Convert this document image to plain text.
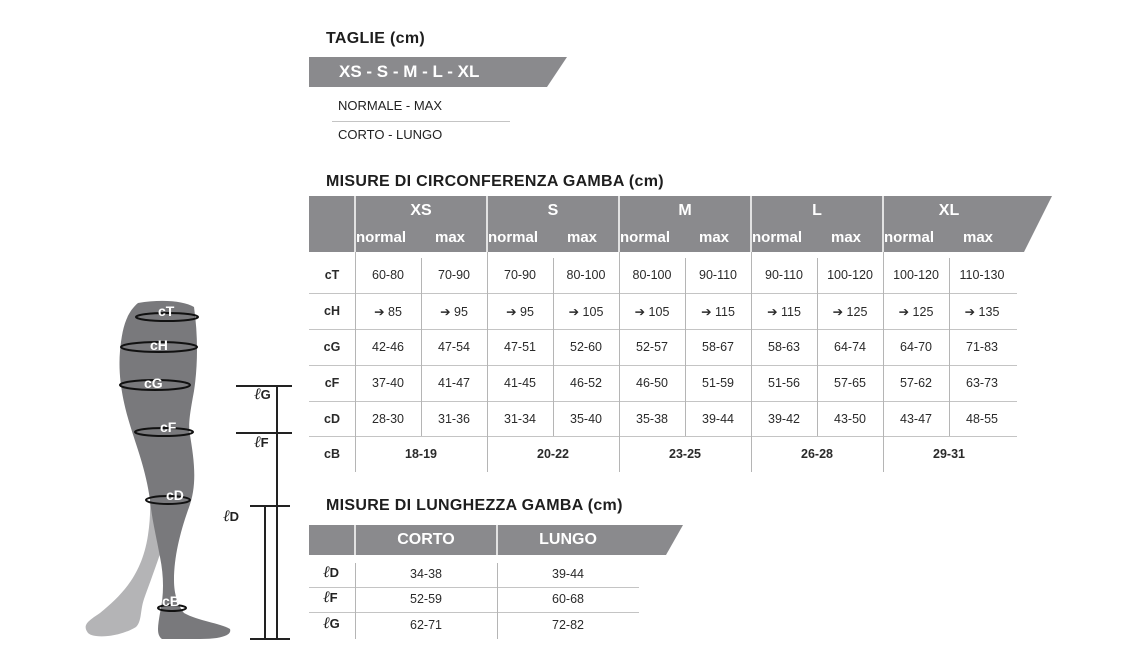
cT
cH
cG
cF
cD
cB
ℓG
ℓF
ℓD
TAGLIE (cm)
XS - S - M - L - XL
NORMALE - MAX
CORTO - LUNGO
MISURE DI CIRCONFERENZA GAMBA (cm)
XS	S	M	L	XL
normal max normal max normal max normal max normal max
cT	60-80	70-90	70-90	80-100	80-100	90-110	90-110	100-120	100-120	110-130
cH	➔ 85	➔ 95	➔ 95	➔ 105	➔ 105	➔ 115	➔ 115	➔ 125	➔ 125	➔ 135
cG	42-46	47-54	47-51	52-60	52-57	58-67	58-63	64-74	64-70	71-83
cF	37-40	41-47	41-45	46-52	46-50	51-59	51-56	57-65	57-62	63-73
cD	28-30	31-36	31-34	35-40	35-38	39-44	39-42	43-50	43-47	48-55
cB	18-19	20-22	23-25	26-28	29-31
MISURE DI LUNGHEZZA GAMBA (cm)
CORTO	LUNGO
ℓD	34-38	39-44
ℓF	52-59	60-68
ℓG	62-71	72-82
